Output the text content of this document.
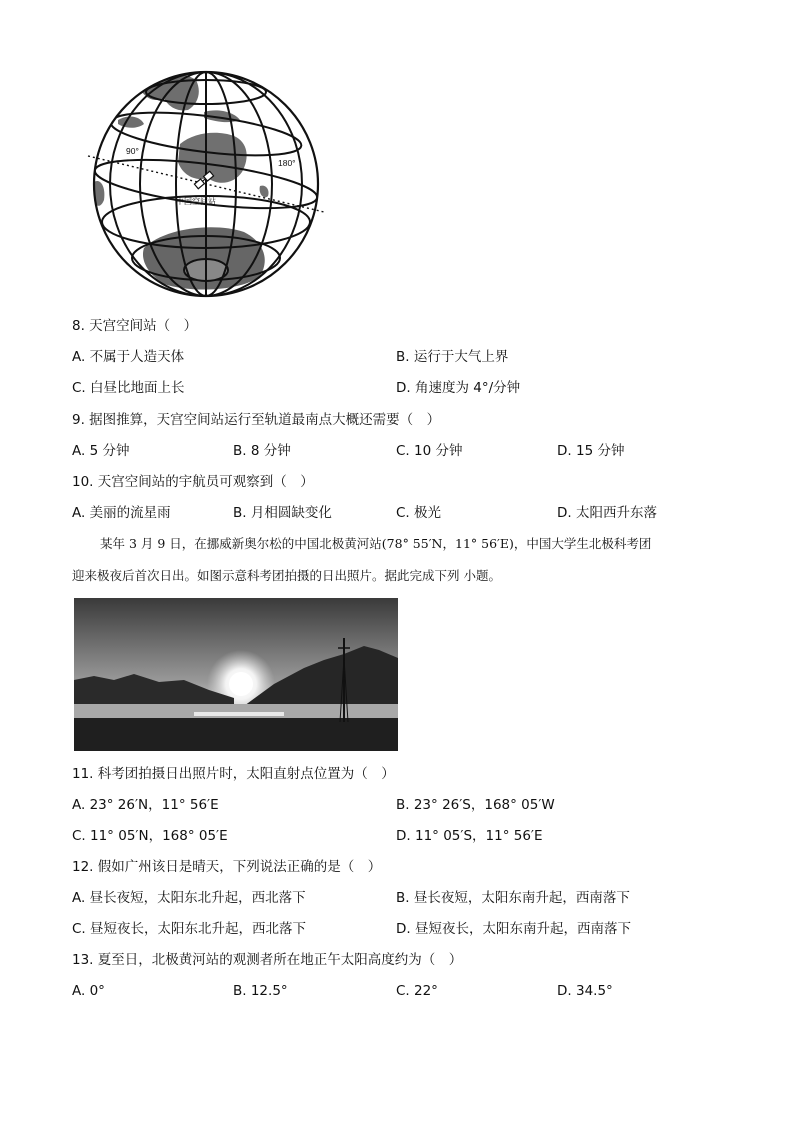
90°
180°
中国空间站
8. 天宫空间站（　）
A. 不属于人造天体	B. 运行于大气上界
C. 白昼比地面上长	D. 角速度为 4°/分钟
9. 据图推算，天宫空间站运行至轨道最南点大概还需要（　）
A. 5 分钟	B. 8 分钟	C. 10 分钟	D. 15 分钟
10. 天宫空间站的宇航员可观察到（　）
A. 美丽的流星雨	B. 月相圆缺变化	C. 极光	D. 太阳西升东落
某年 3 月 9 日，在挪威新奥尔松的中国北极黄河站(78° 55′N，11° 56′E)，中国大学生北极科考团
迎来极夜后首次日出。如图示意科考团拍摄的日出照片。据此完成下列 小题。
11. 科考团拍摄日出照片时，太阳直射点位置为（　）
A. 23° 26′N，11° 56′E	B. 23° 26′S，168° 05′W
C. 11° 05′N，168° 05′E	D. 11° 05′S，11° 56′E
12. 假如广州该日是晴天，下列说法正确的是（　）
A. 昼长夜短，太阳东北升起，西北落下	B. 昼长夜短，太阳东南升起，西南落下
C. 昼短夜长，太阳东北升起，西北落下	D. 昼短夜长，太阳东南升起，西南落下
13. 夏至日，北极黄河站的观测者所在地正午太阳高度约为（　）
A. 0°	B. 12.5°	C. 22°	D. 34.5°
